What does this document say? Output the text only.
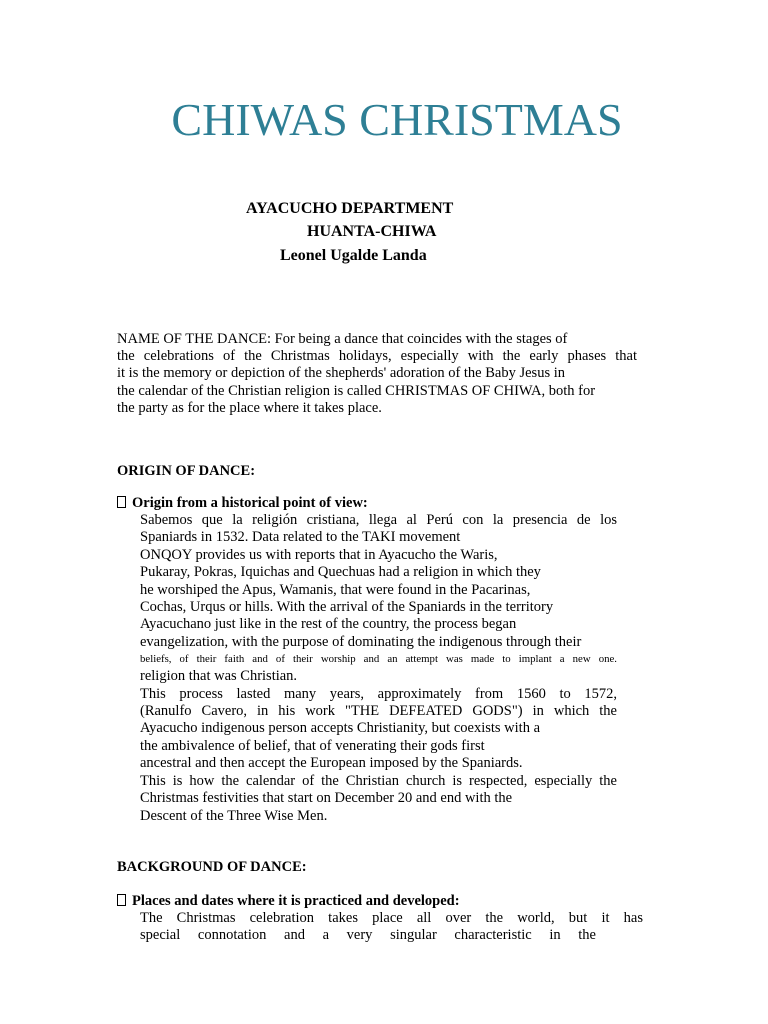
CHIWAS CHRISTMAS

AYACUCHO DEPARTMENT

HUANTA-CHIWA

Leonel Ugalde Landa

NAME OF THE DANCE: For being a dance that coincides with the stages of
the celebrations of the Christmas holidays, especially with the early phases that
it is the memory or depiction of the shepherds' adoration of the Baby Jesus in
the calendar of the Christian religion is called CHRISTMAS OF CHIWA, both for
the party as for the place where it takes place.

ORIGIN OF DANCE:

Origin from a historical point of view:
Sabemos que la religión cristiana, llega al Perú con la presencia de los
Spaniards in 1532. Data related to the TAKI movement
ONQOY provides us with reports that in Ayacucho the Waris,
Pukaray, Pokras, Iquichas and Quechuas had a religion in which they
he worshiped the Apus, Wamanis, that were found in the Pacarinas,
Cochas, Urqus or hills. With the arrival of the Spaniards in the territory
Ayacuchano just like in the rest of the country, the process began
evangelization, with the purpose of dominating the indigenous through their
beliefs, of their faith and of their worship and an attempt was made to implant a new one.
religion that was Christian.
This process lasted many years, approximately from 1560 to 1572,
(Ranulfo Cavero, in his work "THE DEFEATED GODS") in which the
Ayacucho indigenous person accepts Christianity, but coexists with a
the ambivalence of belief, that of venerating their gods first
ancestral and then accept the European imposed by the Spaniards.
This is how the calendar of the Christian church is respected, especially the
Christmas festivities that start on December 20 and end with the
Descent of the Three Wise Men.

BACKGROUND OF DANCE:

Places and dates where it is practiced and developed:
The Christmas celebration takes place all over the world, but it has
special connotation and a very singular characteristic in the
